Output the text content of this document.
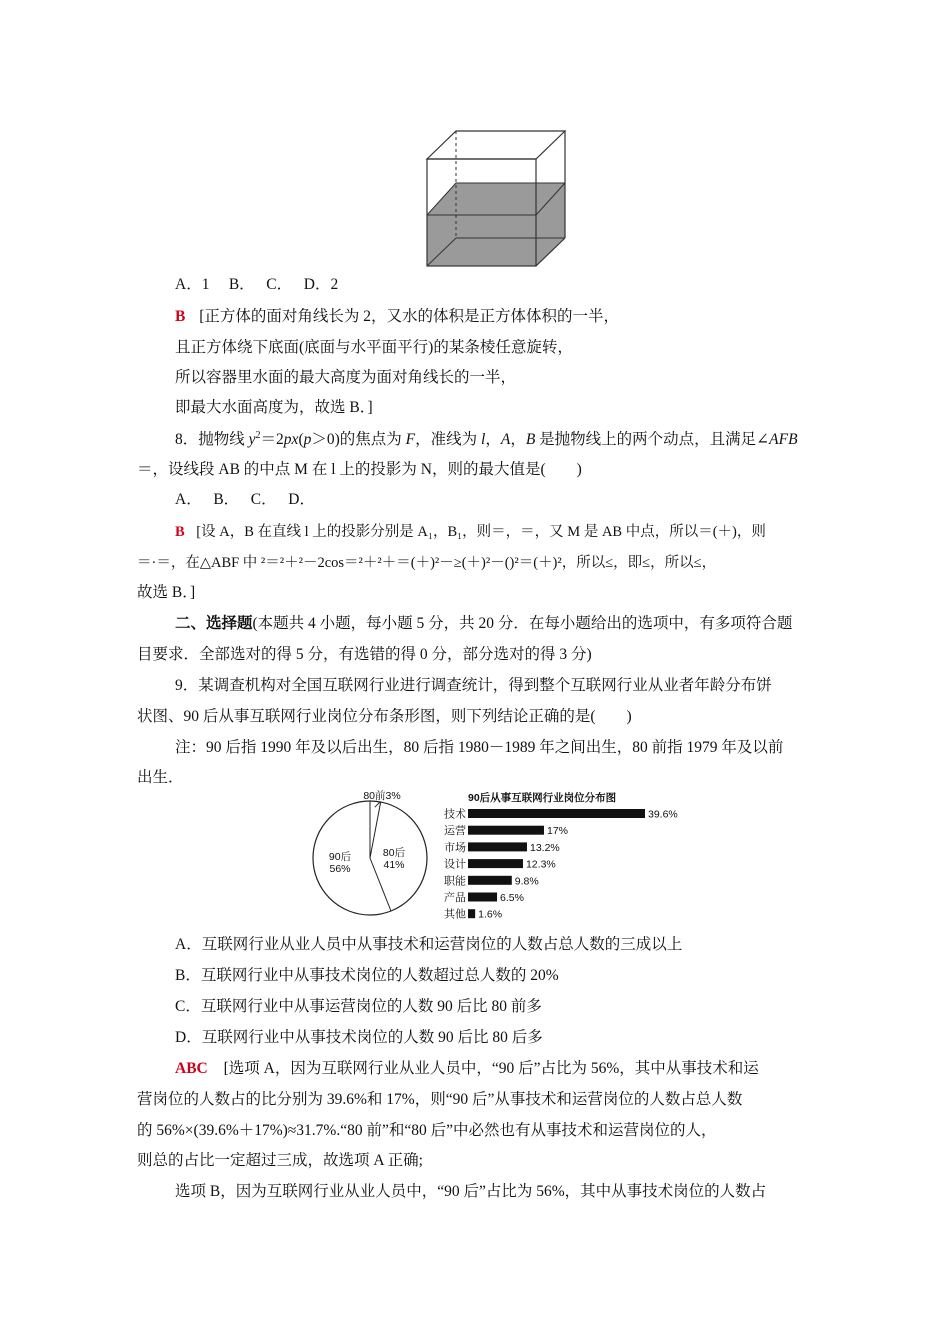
A．1　 B．　 C．　 D．2
B [正方体的面对角线长为 2，又水的体积是正方体体积的一半，
且正方体绕下底面(底面与水平面平行)的某条棱任意旋转，
所以容器里水面的最大高度为面对角线长的一半，
即最大水面高度为，故选 B．]
8．抛物线 $y^2=2px(p>0)$的焦点为 F，准线为 l，A，B 是抛物线上的两个动点，且满足∠AFB
＝，设线段 AB 的中点 M 在 l 上的投影为 N，则的最大值是(　　)
A．　 B．　 C．　 D．
B [设 A，B 在直线 l 上的投影分别是 A₁，B₁，则＝，＝，又 M 是 AB 中点，所以＝(＋)，则
＝·＝，在△ABF 中 ²＝²＋²－2cos＝²＋²＋＝(＋)²－≥(＋)²－()²＝(＋)²，所以≤，即≤，所以≤，
故选 B．]
二、选择题(本题共 4 小题，每小题 5 分，共 20 分．在每小题给出的选项中，有多项符合题
目要求．全部选对的得 5 分，有选错的得 0 分，部分选对的得 3 分)
9．某调查机构对全国互联网行业进行调查统计，得到整个互联网行业从业者年龄分布饼
状图、90 后从事互联网行业岗位分布条形图，则下列结论正确的是(　　)
注：90 后指 1990 年及以后出生，80 后指 1980－1989 年之间出生，80 前指 1979 年及以前
出生．
80前3%
80后
41%
90后
56%
90后从事互联网行业岗位分布图
技术	39.6%
运营	17%
市场	13.2%
设计	12.3%
职能	9.8%
产品	6.5%
其他 1.6%
A．互联网行业从业人员中从事技术和运营岗位的人数占总人数的三成以上
B．互联网行业中从事技术岗位的人数超过总人数的 20%
C．互联网行业中从事运营岗位的人数 90 后比 80 前多
D．互联网行业中从事技术岗位的人数 90 后比 80 后多
ABC [选项 A，因为互联网行业从业人员中，“90 后”占比为 56%，其中从事技术和运
营岗位的人数占的比分别为 39.6%和 17%，则“90 后”从事技术和运营岗位的人数占总人数
的 56%×(39.6%＋17%)≈31.7%.“80 前”和“80 后”中必然也有从事技术和运营岗位的人，
则总的占比一定超过三成，故选项 A 正确;
选项 B，因为互联网行业从业人员中，“90 后”占比为 56%，其中从事技术岗位的人数占
